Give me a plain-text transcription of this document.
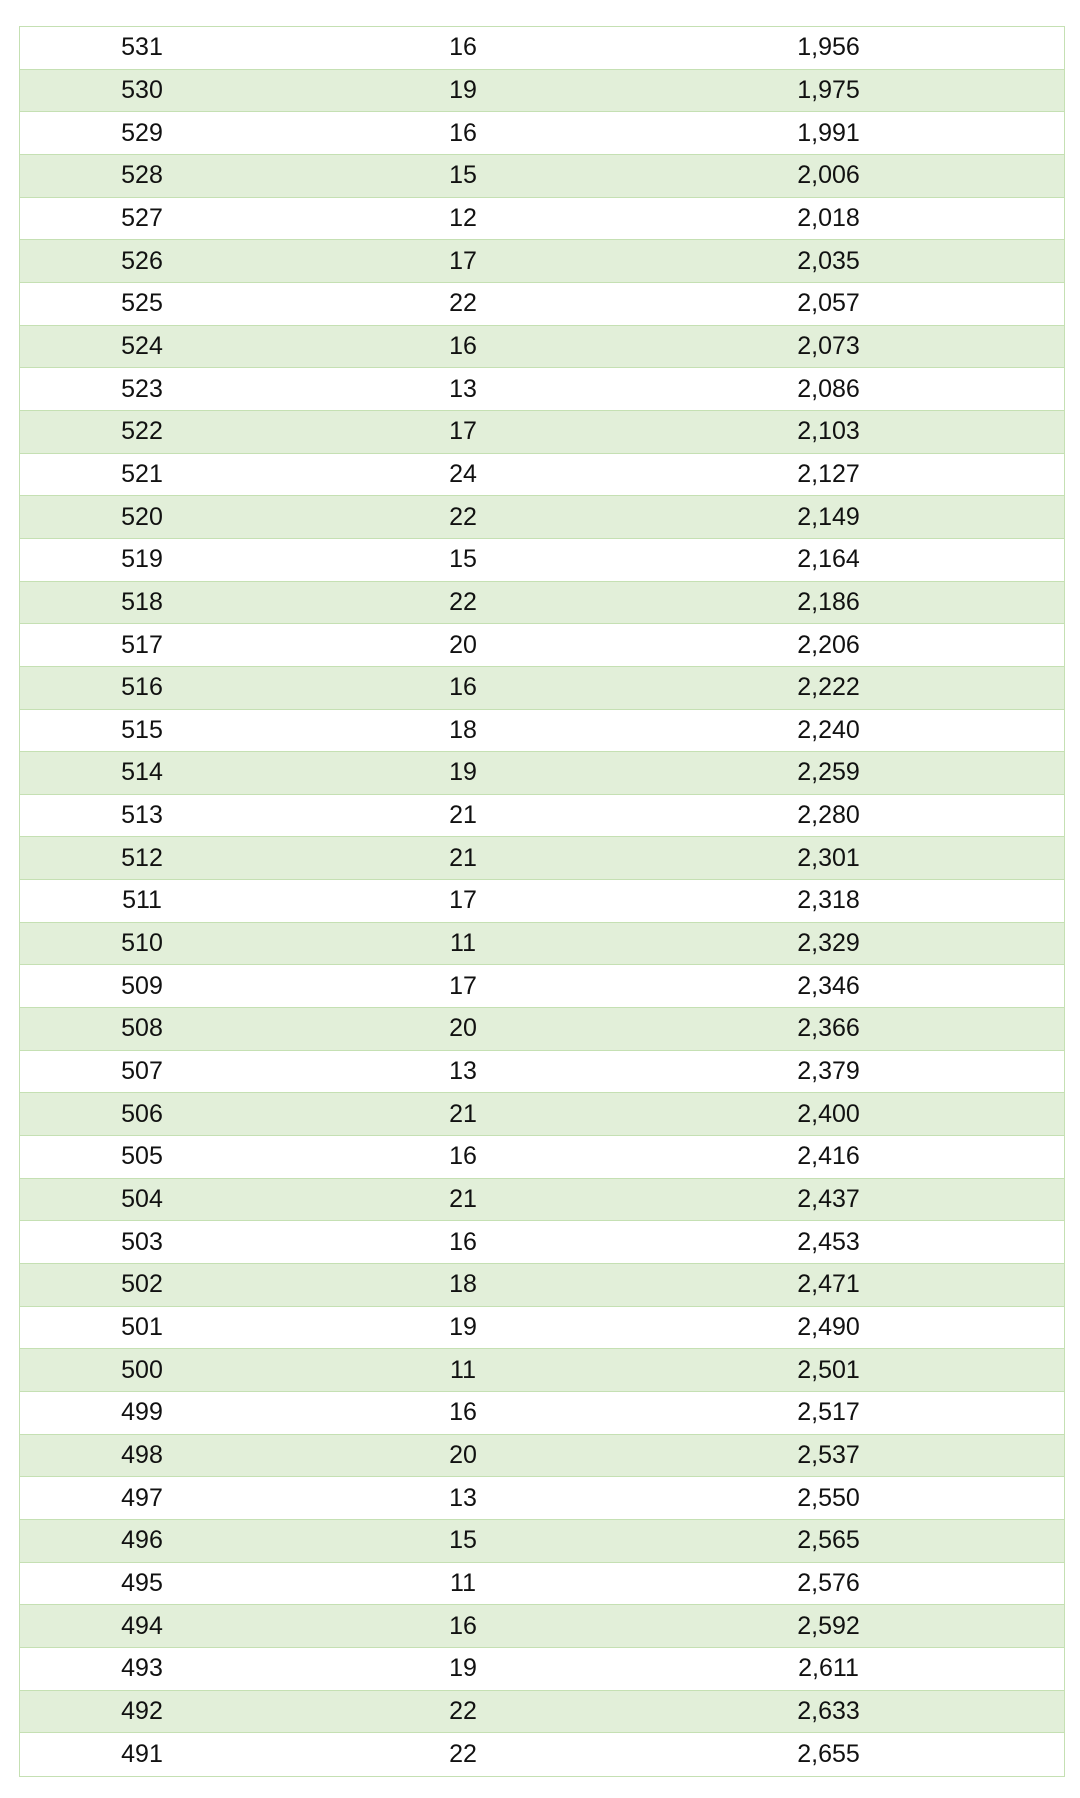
531	16	1,956
530	19	1,975
529	16	1,991
528	15	2,006
527	12	2,018
526	17	2,035
525	22	2,057
524	16	2,073
523	13	2,086
522	17	2,103
521	24	2,127
520	22	2,149
519	15	2,164
518	22	2,186
517	20	2,206
516	16	2,222
515	18	2,240
514	19	2,259
513	21	2,280
512	21	2,301
511	17	2,318
510	11	2,329
509	17	2,346
508	20	2,366
507	13	2,379
506	21	2,400
505	16	2,416
504	21	2,437
503	16	2,453
502	18	2,471
501	19	2,490
500	11	2,501
499	16	2,517
498	20	2,537
497	13	2,550
496	15	2,565
495	11	2,576
494	16	2,592
493	19	2,611
492	22	2,633
491	22	2,655
